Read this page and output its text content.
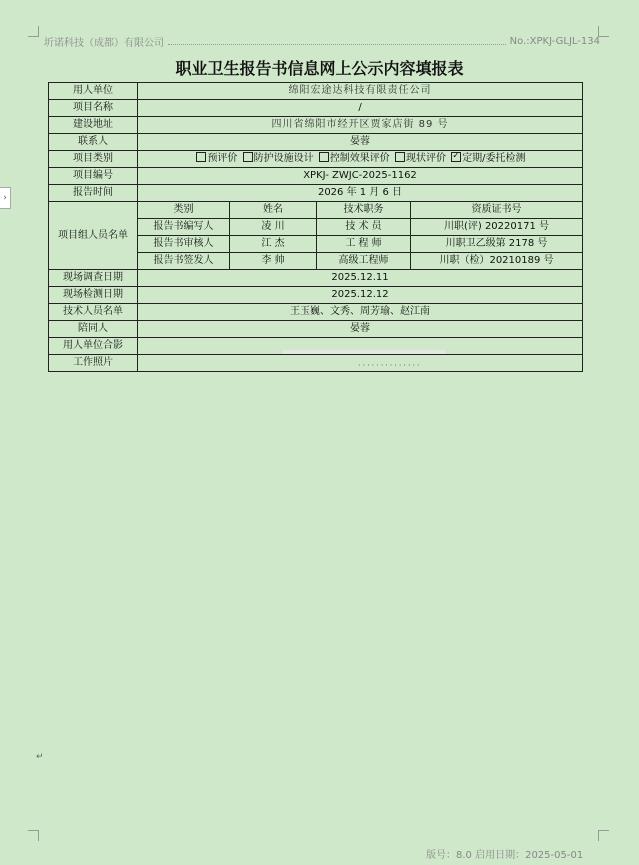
›
圻诺科技（成都）有限公司	No.:XPKJ-GLJL-134
职业卫生报告书信息网上公示内容填报表
用人单位	绵阳宏途达科技有限责任公司			
项目名称	/			
建设地址	四川省绵阳市经开区贾家店街 89 号			
联系人	晏蓉			
项目类别	预评价 防护设施设计 控制效果评价 现状评价 ✓ 定期/委托检测
项目编号	XPKJ- ZWJC-2025-1162			
报告时间	2026 年 1 月 6 日			
项目组人员名单	类别	姓名	技术职务	资质证书号
	报告书编写人	凌 川	技 术 员	川职(评) 20220171 号
	报告书审核人	江 杰	工 程 师	川职卫乙级第 2178 号
	报告书签发人	李 帅	高级工程师	川职（检）20210189 号
现场调查日期	2025.12.11			
现场检测日期	2025.12.12			
技术人员名单	王玉巍、文秀、周芳瑜、赵江南			
陪同人	晏蓉			
用人单位合影	

工作照片	··············			
↵
版号：8.0 启用日期：2025-05-01
